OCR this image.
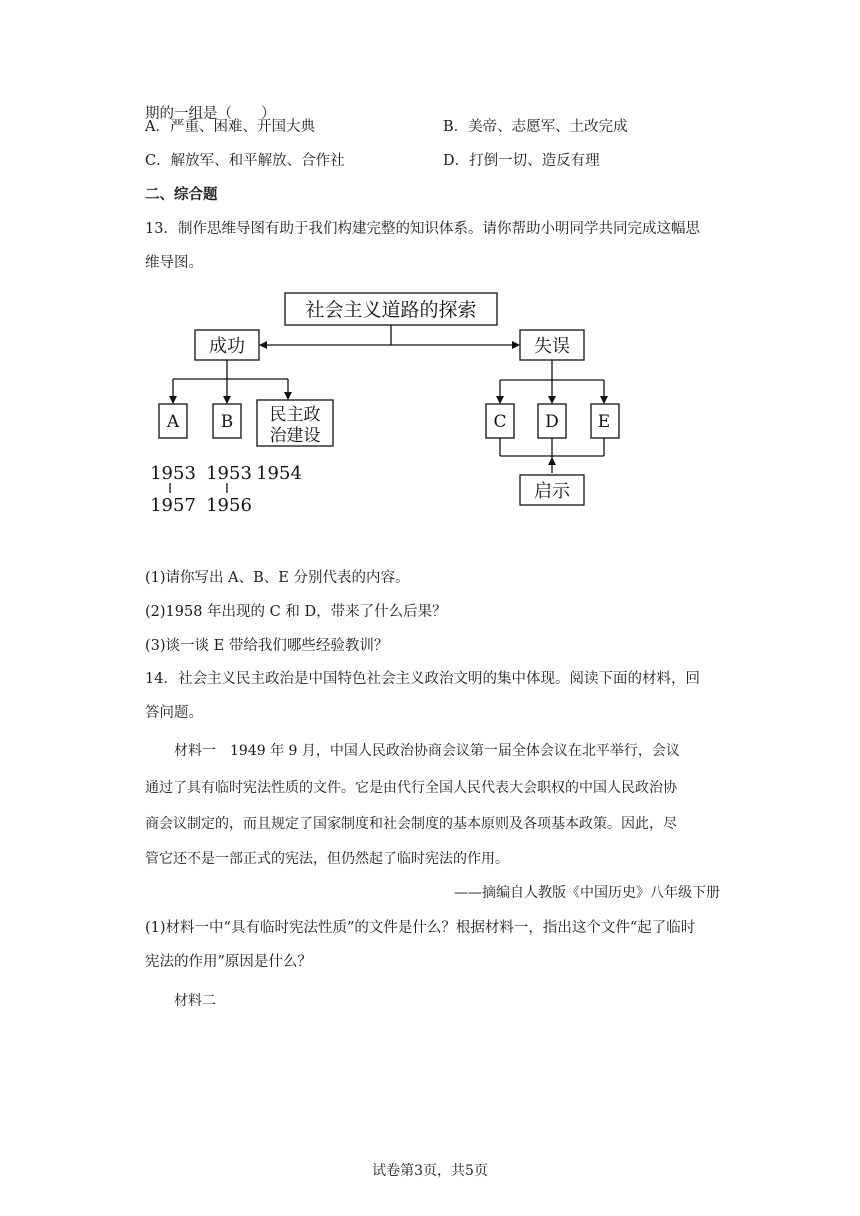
期的一组是（　　）
A．严重、困难、开国大典	B．美帝、志愿军、土改完成
C．解放军、和平解放、合作社	D．打倒一切、造反有理
二、综合题
13．制作思维导图有助于我们构建完整的知识体系。请你帮助小明同学共同完成这幅思
维导图。
社会主义道路的探索
成功	失误
A B 民主政
治建设
C D E
启示
1953
1957
1953
1956
1954
(1)请你写出 A、B、E 分别代表的内容。
(2)1958 年出现的 C 和 D，带来了什么后果？
(3)谈一谈 E 带给我们哪些经验教训？
14．社会主义民主政治是中国特色社会主义政治文明的集中体现。阅读下面的材料，回
答问题。
材料一　1949 年 9 月，中国人民政治协商会议第一届全体会议在北平举行，会议
通过了具有临时宪法性质的文件。它是由代行全国人民代表大会职权的中国人民政治协
商会议制定的，而且规定了国家制度和社会制度的基本原则及各项基本政策。因此，尽
管它还不是一部正式的宪法，但仍然起了临时宪法的作用。
——摘编自人教版《中国历史》八年级下册
(1)材料一中“具有临时宪法性质”的文件是什么？根据材料一，指出这个文件“起了临时
宪法的作用”原因是什么？
材料二
试卷第3页，共5页
